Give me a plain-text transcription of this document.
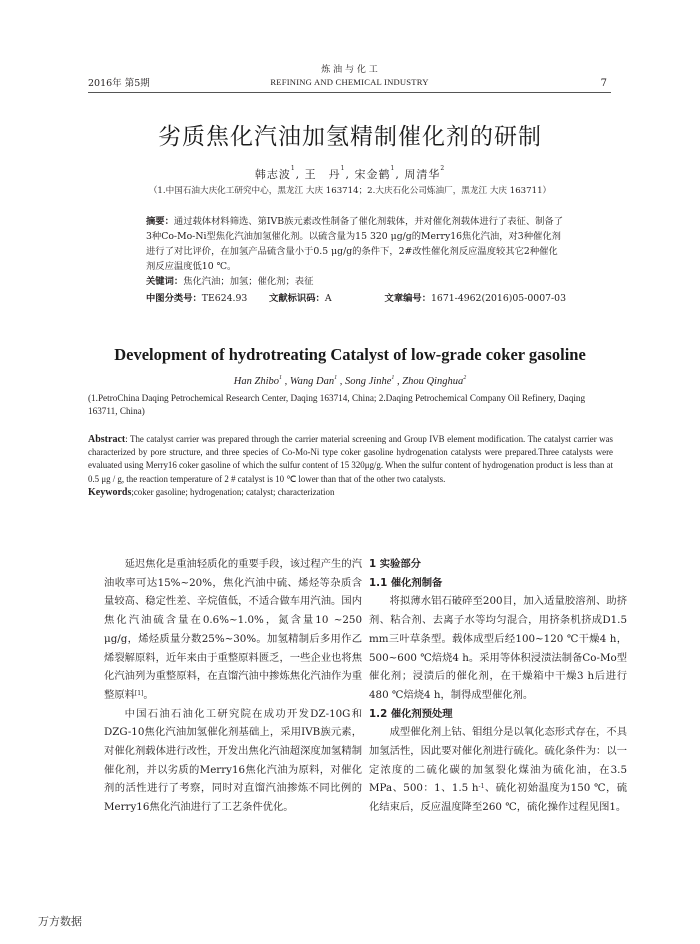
2016年 第5期
炼 油 与 化 工
REFINING AND CHEMICAL INDUSTRY	7
劣质焦化汽油加氢精制催化剂的研制
韩志波$^1$, 王　丹$^1$, 宋金鹤$^1$, 周清华$^2$
（1.中国石油大庆化工研究中心，黑龙江 大庆 163714；2.大庆石化公司炼油厂，黑龙江 大庆 163711）

摘要：通过载体材料筛选、第IVB族元素改性制备了催化剂载体，并对催化剂载体进行了表征、制备了3种Co-Mo-Ni型焦化汽油加氢催化剂。以硫含量为15 320 μg/g的Merry16焦化汽油，对3种催化剂进行了对比评价，在加氢产品硫含量小于0.5 μg/g的条件下，2#改性催化剂反应温度较其它2种催化剂反应温度低10 ℃。

关键词：焦化汽油；加氢；催化剂；表征

中图分类号：TE624.93	文献标识码：A	文章编号：1671-4962(2016)05-0007-03
Development of hydrotreating Catalyst of low-grade coker gasoline
Han Zhibo$^1$ , Wang Dan$^1$ , Song Jinhe$^1$ , Zhou Qinghua$^2$
(1.PetroChina Daqing Petrochemical Research Center, Daqing 163714, China; 2.Daqing Petrochemical Company Oil Refinery, Daqing 163711, China)

Abstract: The catalyst carrier was prepared through the carrier material screening and Group IVB element modification. The catalyst carrier was characterized by pore structure, and three species of Co-Mo-Ni type coker gasoline hydrogenation catalysts were prepared.Three catalysts were evaluated using Merry16 coker gasoline of which the sulfur content of 15 320μg/g. When the sulfur content of hydrogenation product is less than at 0.5 μg / g, the reaction temperature of 2 # catalyst is 10 ℃ lower than that of the other two catalysts.

Keywords;coker gasoline; hydrogenation; catalyst; characterization

延迟焦化是重油轻质化的重要手段，该过程产生的汽油收率可达15%~20%，焦化汽油中硫、烯烃等杂质含量较高、稳定性差、辛烷值低，不适合做车用汽油。国内焦化汽油硫含量在0.6%~1.0%，氮含量10 ~250 μg/g，烯烃质量分数25%~30%。加氢精制后多用作乙烯裂解原料，近年来由于重整原料匮乏，一些企业也将焦化汽油列为重整原料，在直馏汽油中掺炼焦化汽油作为重整原料[1]。

中国石油石油化工研究院在成功开发DZ-10G和DZG-10焦化汽油加氢催化剂基础上，采用IVB族元素，对催化剂载体进行改性，开发出焦化汽油超深度加氢精制催化剂，并以劣质的Merry16焦化汽油为原料，对催化剂的活性进行了考察，同时对直馏汽油掺炼不同比例的Merry16焦化汽油进行了工艺条件优化。

1 实验部分
1.1 催化剂制备

将拟薄水铝石破碎至200目，加入适量胶溶剂、助挤剂、粘合剂、去离子水等均匀混合，用挤条机挤成D1.5 mm三叶草条型。载体成型后经100~120 ℃干燥4 h，500~600 ℃焙烧4 h。采用等体积浸渍法制备Co-Mo型催化剂；浸渍后的催化剂，在干燥箱中干燥3 h后进行480 ℃焙烧4 h，制得成型催化剂。

1.2 催化剂预处理

成型催化剂上钴、钼组分是以氧化态形式存在，不具加氢活性，因此要对催化剂进行硫化。硫化条件为：以一定浓度的二硫化碳的加氢裂化煤油为硫化油，在3.5 MPa、500：1、1.5 $h^{-1}$、硫化初始温度为150 ℃，硫化结束后，反应温度降至260 ℃，硫化操作过程见图1。

万方数据
